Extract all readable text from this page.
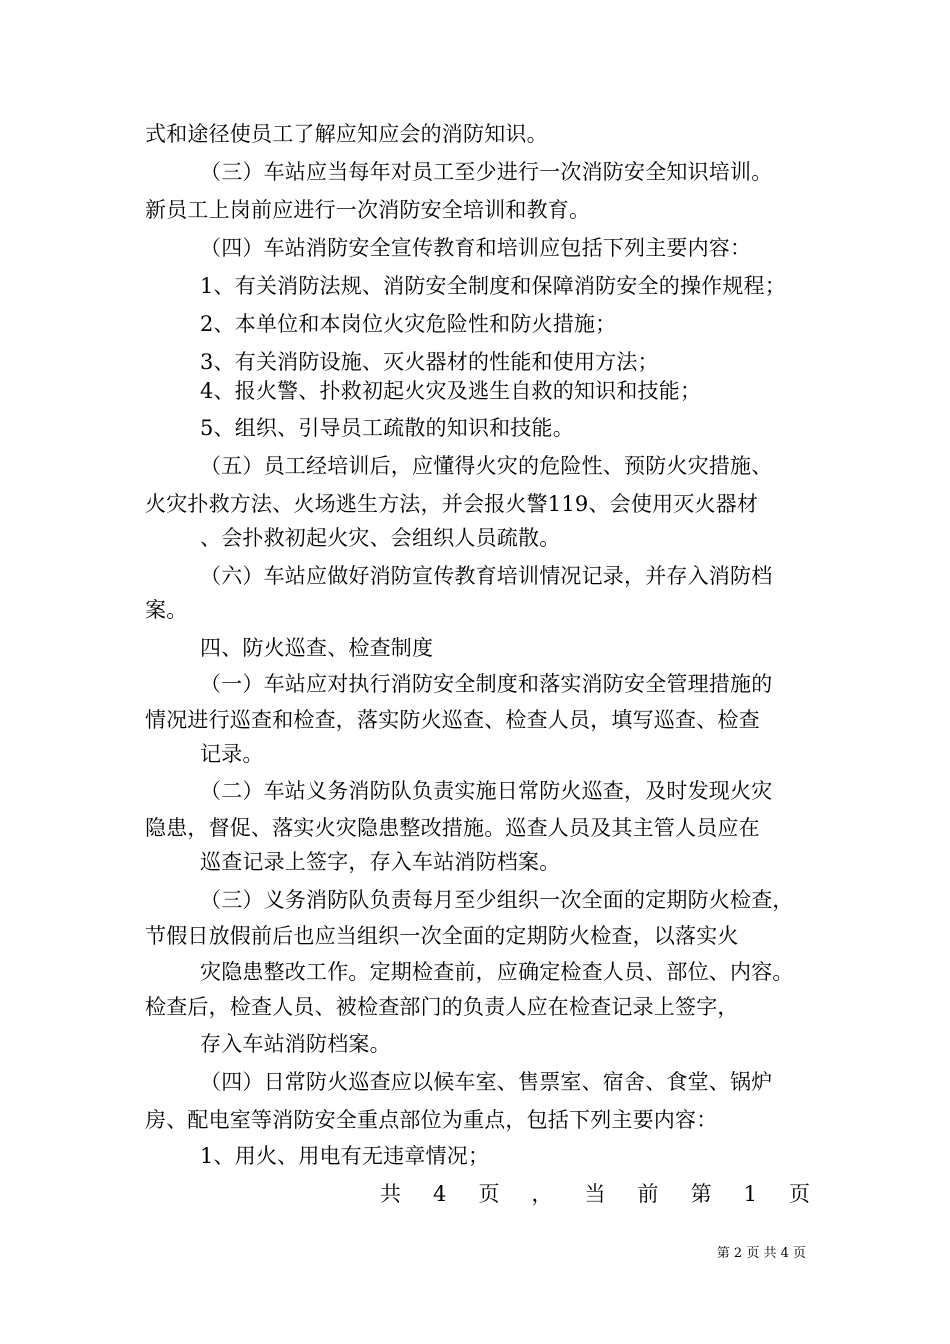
式和途径使员工了解应知应会的消防知识。
（三）车站应当每年对员工至少进行一次消防安全知识培训。
新员工上岗前应进行一次消防安全培训和教育。
（四）车站消防安全宣传教育和培训应包括下列主要内容：
1、有关消防法规、消防安全制度和保障消防安全的操作规程；
2、本单位和本岗位火灾危险性和防火措施；
3、有关消防设施、灭火器材的性能和使用方法；
4、报火警、扑救初起火灾及逃生自救的知识和技能；
5、组织、引导员工疏散的知识和技能。
（五）员工经培训后，应懂得火灾的危险性、预防火灾措施、
火灾扑救方法、火场逃生方法，并会报火警119、会使用灭火器材
、会扑救初起火灾、会组织人员疏散。
（六）车站应做好消防宣传教育培训情况记录，并存入消防档
案。
四、防火巡查、检查制度
（一）车站应对执行消防安全制度和落实消防安全管理措施的
情况进行巡查和检查，落实防火巡查、检查人员，填写巡查、检查
记录。
（二）车站义务消防队负责实施日常防火巡查，及时发现火灾
隐患，督促、落实火灾隐患整改措施。巡查人员及其主管人员应在
巡查记录上签字，存入车站消防档案。
（三）义务消防队负责每月至少组织一次全面的定期防火检查，
节假日放假前后也应当组织一次全面的定期防火检查，以落实火
灾隐患整改工作。定期检查前，应确定检查人员、部位、内容。
检查后，检查人员、被检查部门的负责人应在检查记录上签字，
存入车站消防档案。
（四）日常防火巡查应以候车室、售票室、宿舍、食堂、锅炉
房、配电室等消防安全重点部位为重点，包括下列主要内容：
1、用火、用电有无违章情况；
共 4 页 ， 当 前 第 1 页
第 2 页 共 4 页
